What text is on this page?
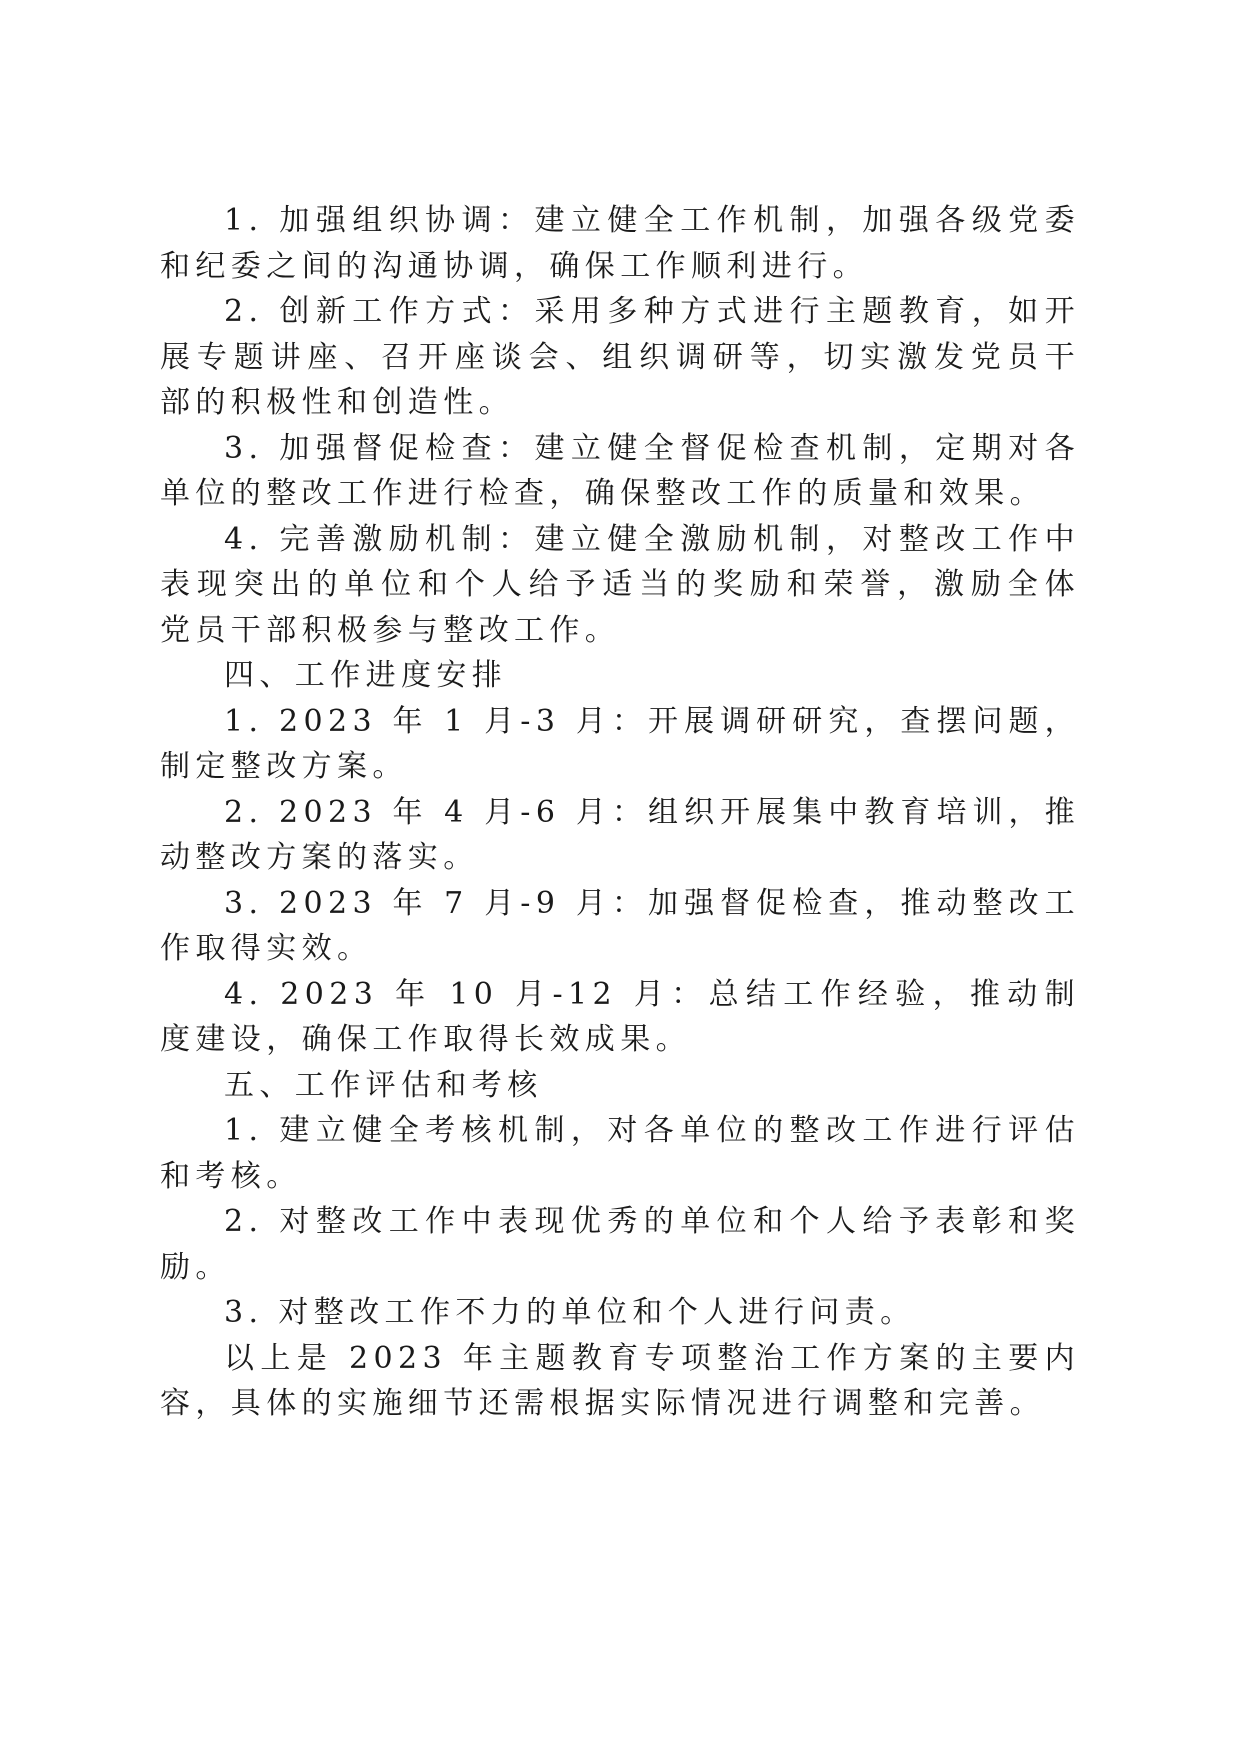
1. 加强组织协调：建立健全工作机制，加强各级党委和纪委之间的沟通协调，确保工作顺利进行。

2. 创新工作方式：采用多种方式进行主题教育，如开展专题讲座、召开座谈会、组织调研等，切实激发党员干部的积极性和创造性。

3. 加强督促检查：建立健全督促检查机制，定期对各单位的整改工作进行检查，确保整改工作的质量和效果。

4. 完善激励机制：建立健全激励机制，对整改工作中表现突出的单位和个人给予适当的奖励和荣誉，激励全体党员干部积极参与整改工作。

四、工作进度安排

1. 2023 年 1 月-3 月：开展调研研究，查摆问题，制定整改方案。

2. 2023 年 4 月-6 月：组织开展集中教育培训，推动整改方案的落实。

3. 2023 年 7 月-9 月：加强督促检查，推动整改工作取得实效。

4. 2023 年 10 月-12 月：总结工作经验，推动制度建设，确保工作取得长效成果。

五、工作评估和考核

1. 建立健全考核机制，对各单位的整改工作进行评估和考核。

2. 对整改工作中表现优秀的单位和个人给予表彰和奖励。

3. 对整改工作不力的单位和个人进行问责。

以上是 2023 年主题教育专项整治工作方案的主要内容，具体的实施细节还需根据实际情况进行调整和完善。
